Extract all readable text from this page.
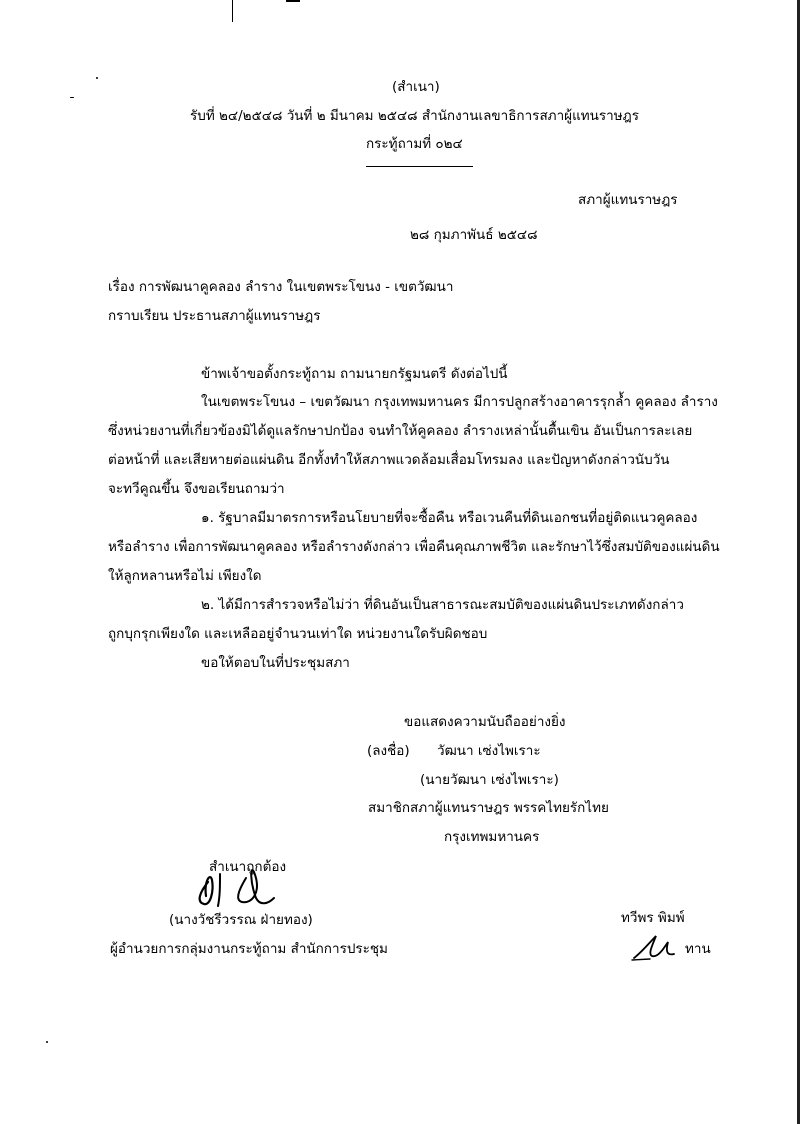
(สำเนา)
รับที่ ๒๔/๒๕๔๘ วันที่ ๒ มีนาคม ๒๕๔๘ สำนักงานเลขาธิการสภาผู้แทนราษฎร
กระทู้ถามที่ ๐๒๔
สภาผู้แทนราษฎร
๒๘ กุมภาพันธ์ ๒๕๔๘
เรื่อง การพัฒนาคูคลอง ลำราง ในเขตพระโขนง - เขตวัฒนา
กราบเรียน ประธานสภาผู้แทนราษฎร
ข้าพเจ้าขอตั้งกระทู้ถาม ถามนายกรัฐมนตรี ดังต่อไปนี้
ในเขตพระโขนง – เขตวัฒนา กรุงเทพมหานคร มีการปลูกสร้างอาคารรุกล้ำ คูคลอง ลำราง
ซึ่งหน่วยงานที่เกี่ยวข้องมิได้ดูแลรักษาปกป้อง จนทำให้คูคลอง ลำรางเหล่านั้นตื้นเขิน อันเป็นการละเลย
ต่อหน้าที่ และเสียหายต่อแผ่นดิน อีกทั้งทำให้สภาพแวดล้อมเสื่อมโทรมลง และปัญหาดังกล่าวนับวัน
จะทวีคูณขึ้น จึงขอเรียนถามว่า
๑. รัฐบาลมีมาตรการหรือนโยบายที่จะซื้อคืน หรือเวนคืนที่ดินเอกชนที่อยู่ติดแนวคูคลอง
หรือลำราง เพื่อการพัฒนาคูคลอง หรือลำรางดังกล่าว เพื่อคืนคุณภาพชีวิต และรักษาไว้ซึ่งสมบัติของแผ่นดิน
ให้ลูกหลานหรือไม่ เพียงใด
๒. ได้มีการสำรวจหรือไม่ว่า ที่ดินอันเป็นสาธารณะสมบัติของแผ่นดินประเภทดังกล่าว
ถูกบุกรุกเพียงใด และเหลืออยู่จำนวนเท่าใด หน่วยงานใดรับผิดชอบ
ขอให้ตอบในที่ประชุมสภา
ขอแสดงความนับถืออย่างยิ่ง
(ลงชื่อ) วัฒนา เซ่งไพเราะ
(นายวัฒนา เซ่งไพเราะ)
สมาชิกสภาผู้แทนราษฎร พรรคไทยรักไทย
กรุงเทพมหานคร
สำเนาถูกต้อง
(นางวัชรีวรรณ ฝ่ายทอง)
ผู้อำนวยการกลุ่มงานกระทู้ถาม สำนักการประชุม
ทวีพร พิมพ์
ทาน
